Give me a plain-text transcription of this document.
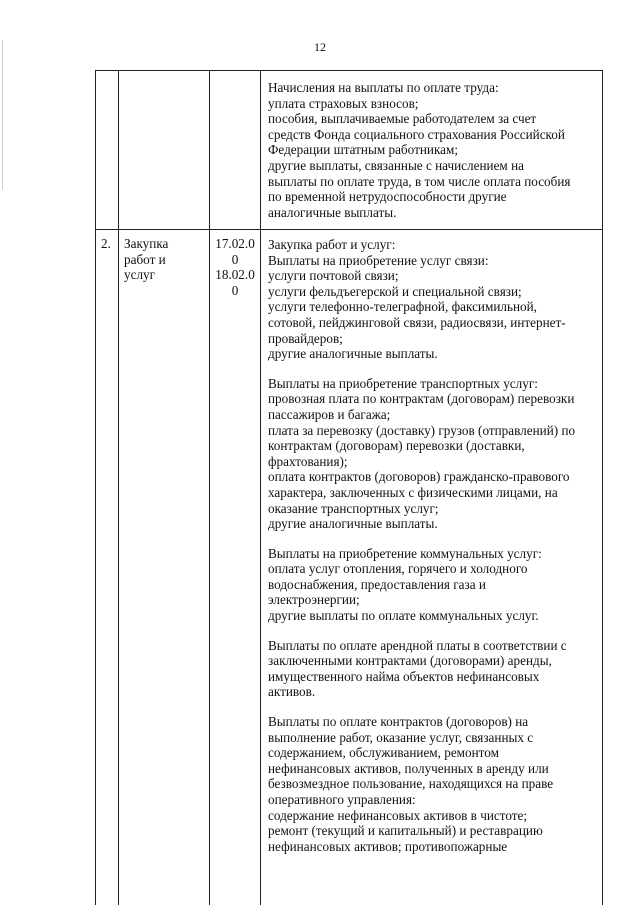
12
Начисления на выплаты по оплате труда:
уплата страховых взносов;
пособия, выплачиваемые работодателем за счет
средств Фонда социального страхования Российской
Федерации штатным работникам;
другие выплаты, связанные с начислением на
выплаты по оплате труда, в том числе оплата пособия
по временной нетрудоспособности другие
аналогичные выплаты.
2. Закупка
работ и
услуг
17.02.0
0
18.02.0
0
Закупка работ и услуг:
Выплаты на приобретение услуг связи:
услуги почтовой связи;
услуги фельдъегерской и специальной связи;
услуги телефонно-телеграфной, факсимильной,
сотовой, пейджинговой связи, радиосвязи, интернет-
провайдеров;
другие аналогичные выплаты.
Выплаты на приобретение транспортных услуг:
провозная плата по контрактам (договорам) перевозки
пассажиров и багажа;
плата за перевозку (доставку) грузов (отправлений) по
контрактам (договорам) перевозки (доставки,
фрахтования);
оплата контрактов (договоров) гражданско-правового
характера, заключенных с физическими лицами, на
оказание транспортных услуг;
другие аналогичные выплаты.
Выплаты на приобретение коммунальных услуг:
оплата услуг отопления, горячего и холодного
водоснабжения, предоставления газа и
электроэнергии;
другие выплаты по оплате коммунальных услуг.
Выплаты по оплате арендной платы в соответствии с
заключенными контрактами (договорами) аренды,
имущественного найма объектов нефинансовых
активов.
Выплаты по оплате контрактов (договоров) на
выполнение работ, оказание услуг, связанных с
содержанием, обслуживанием, ремонтом
нефинансовых активов, полученных в аренду или
безвозмездное пользование, находящихся на праве
оперативного управления:
содержание нефинансовых активов в чистоте;
ремонт (текущий и капитальный) и реставрацию
нефинансовых активов; противопожарные
